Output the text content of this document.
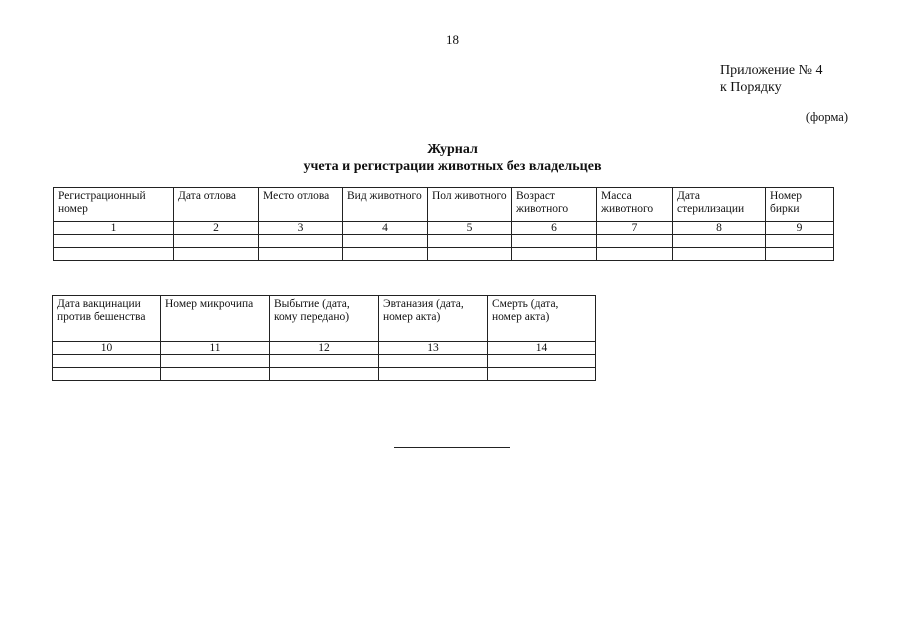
18
Приложение № 4
к Порядку
(форма)
Журнал
учета и регистрации животных без владельцев
Регистрационный номер	Дата отлова	Место отлова	Вид животного	Пол животного	Возраст животного	Масса животного	Дата стерилизации	Номер бирки
1	2	3	4	5	6	7	8	9

Дата вакцинации против бешенства	Номер микрочипа	Выбытие (дата, кому передано)	Эвтаназия (дата, номер акта)	Смерть (дата, номер акта)
10	11	12	13	14
